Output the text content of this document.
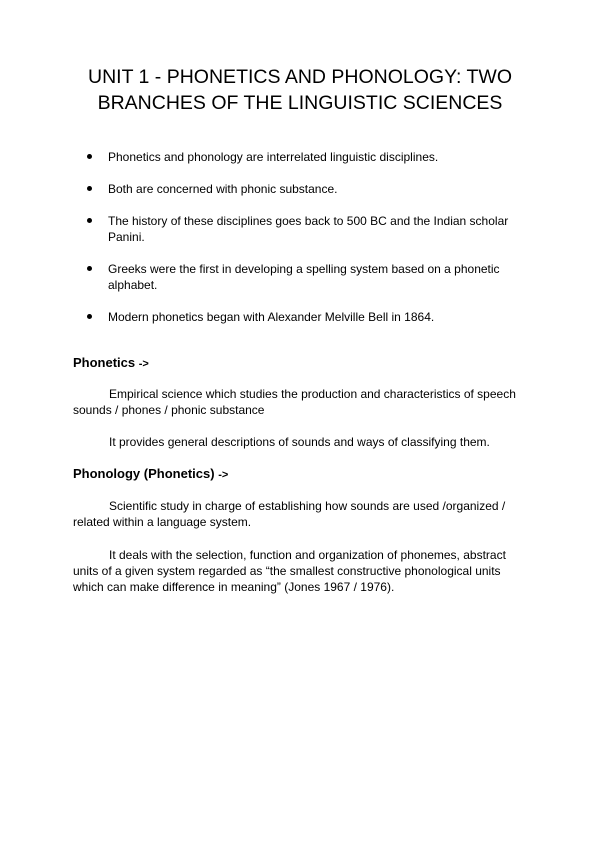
UNIT 1 - PHONETICS AND PHONOLOGY: TWO BRANCHES OF THE LINGUISTIC SCIENCES
Phonetics and phonology are interrelated linguistic disciplines.
Both are concerned with phonic substance.
The history of these disciplines goes back to 500 BC and the Indian scholar Panini.
Greeks were the first in developing a spelling system based on a phonetic alphabet.
Modern phonetics began with Alexander Melville Bell in 1864.

Phonetics ->

Empirical science which studies the production and characteristics of speech sounds / phones / phonic substance

It provides general descriptions of sounds and ways of classifying them.

Phonology (Phonetics) ->

Scientific study in charge of establishing how sounds are used /organized / related within a language system.

It deals with the selection, function and organization of phonemes, abstract units of a given system regarded as “the smallest constructive phonological units which can make difference in meaning” (Jones 1967 / 1976).
